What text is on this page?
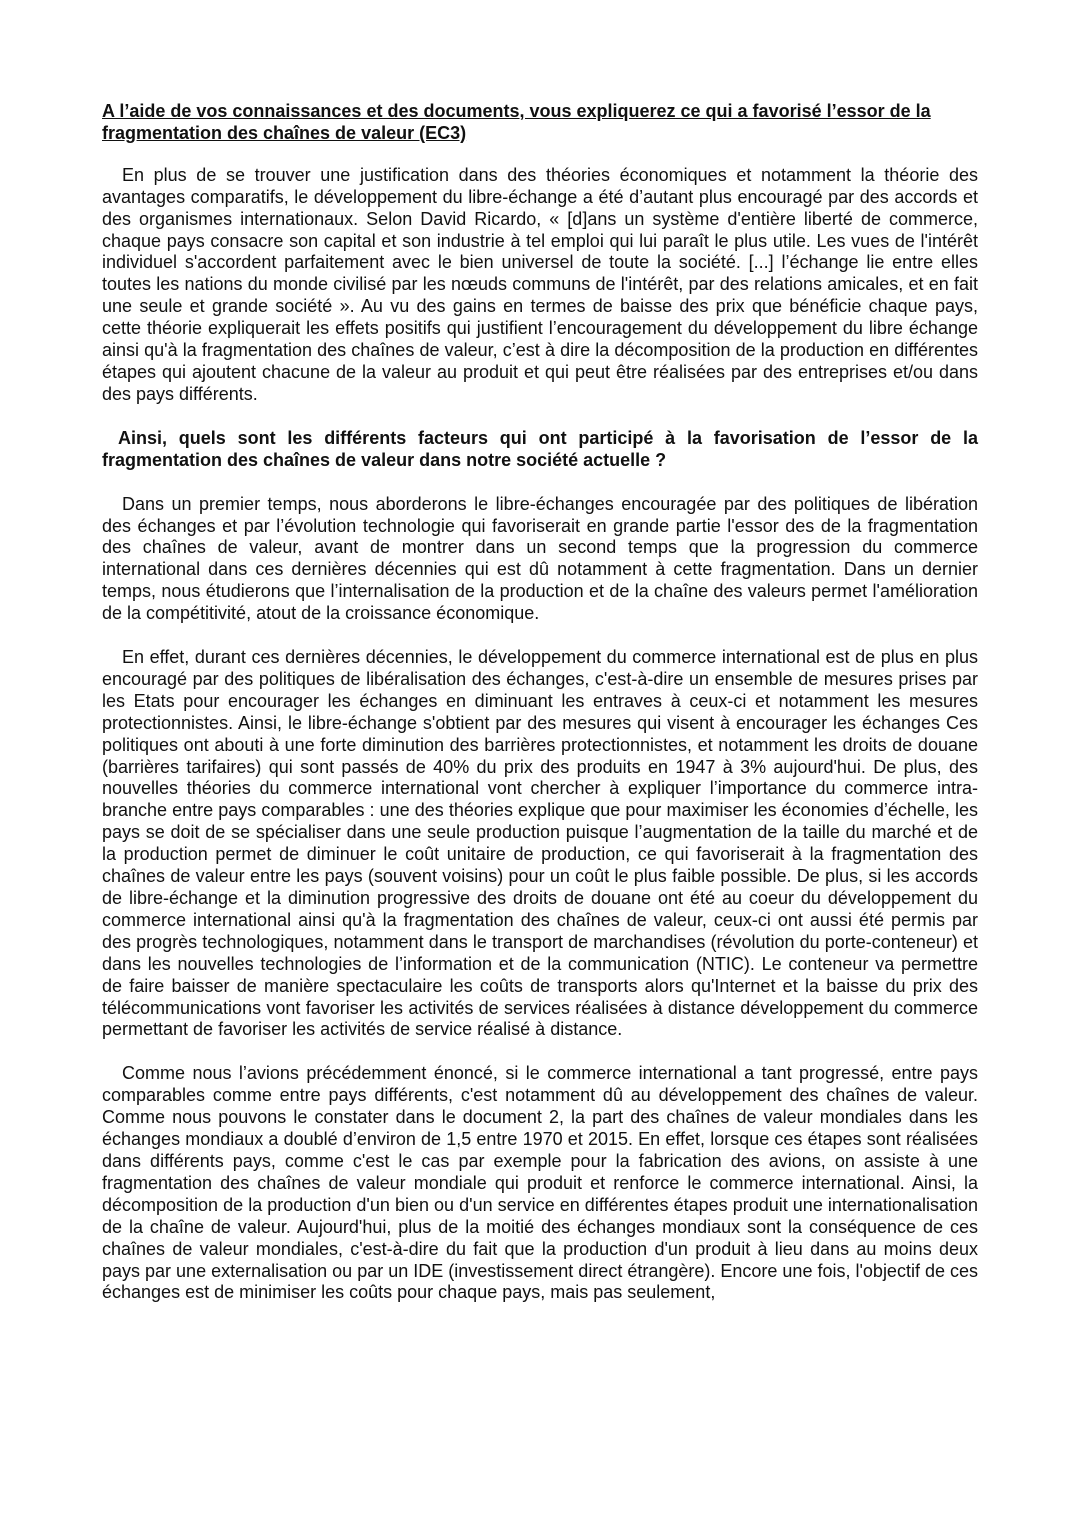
A l’aide de vos connaissances et des documents, vous expliquerez ce qui a favorisé l’essor de la fragmentation des chaînes de valeur (EC3)

En plus de se trouver une justification dans des théories économiques et notamment la théorie des avantages comparatifs, le développement du libre-échange a été d’autant plus encouragé par des accords et des organismes internationaux. Selon David Ricardo, « [d]ans un système d'entière liberté de commerce, chaque pays consacre son capital et son industrie à tel emploi qui lui paraît le plus utile. Les vues de l'intérêt individuel s'accordent parfaitement avec le bien universel de toute la société. [...] l’échange lie entre elles toutes les nations du monde civilisé par les nœuds communs de l'intérêt, par des relations amicales, et en fait une seule et grande société ». Au vu des gains en termes de baisse des prix que bénéficie chaque pays, cette théorie expliquerait les effets positifs qui justifient l’encouragement du développement du libre échange ainsi qu'à la fragmentation des chaînes de valeur, c’est à dire la décomposition de la production en différentes étapes qui ajoutent chacune de la valeur au produit et qui peut être réalisées par des entreprises et/ou dans des pays différents.

Ainsi, quels sont les différents facteurs qui ont participé à la favorisation de l’essor de la fragmentation des chaînes de valeur dans notre société actuelle ?

Dans un premier temps, nous aborderons le libre-échanges encouragée par des politiques de libération des échanges et par l’évolution technologie qui favoriserait en grande partie l'essor des de la fragmentation des chaînes de valeur, avant de montrer dans un second temps que la progression du commerce international dans ces dernières décennies qui est dû notamment à cette fragmentation. Dans un dernier temps, nous étudierons que l’internalisation de la production et de la chaîne des valeurs permet l'amélioration de la compétitivité, atout de la croissance économique.

En effet, durant ces dernières décennies, le développement du commerce international est de plus en plus encouragé par des politiques de libéralisation des échanges, c'est-à-dire un ensemble de mesures prises par les Etats pour encourager les échanges en diminuant les entraves à ceux-ci et notamment les mesures protectionnistes. Ainsi, le libre-échange s'obtient par des mesures qui visent à encourager les échanges Ces politiques ont abouti à une forte diminution des barrières protectionnistes, et notamment les droits de douane (barrières tarifaires) qui sont passés de 40% du prix des produits en 1947 à 3% aujourd'hui. De plus, des nouvelles théories du commerce international vont chercher à expliquer l’importance du commerce intra-branche entre pays comparables : une des théories explique que pour maximiser les économies d’échelle, les pays se doit de se spécialiser dans une seule production puisque l’augmentation de la taille du marché et de la production permet de diminuer le coût unitaire de production, ce qui favoriserait à la fragmentation des chaînes de valeur entre les pays (souvent voisins) pour un coût le plus faible possible. De plus, si les accords de libre-échange et la diminution progressive des droits de douane ont été au coeur du développement du commerce international ainsi qu'à la fragmentation des chaînes de valeur, ceux-ci ont aussi été permis par des progrès technologiques, notamment dans le transport de marchandises (révolution du porte-conteneur) et dans les nouvelles technologies de l’information et de la communication (NTIC). Le conteneur va permettre de faire baisser de manière spectaculaire les coûts de transports alors qu'Internet et la baisse du prix des télécommunications vont favoriser les activités de services réalisées à distance développement du commerce permettant de favoriser les activités de service réalisé à distance.

Comme nous l’avions précédemment énoncé, si le commerce international a tant progressé, entre pays comparables comme entre pays différents, c'est notamment dû au développement des chaînes de valeur. Comme nous pouvons le constater dans le document 2, la part des chaînes de valeur mondiales dans les échanges mondiaux a doublé d’environ de 1,5 entre 1970 et 2015. En effet, lorsque ces étapes sont réalisées dans différents pays, comme c'est le cas par exemple pour la fabrication des avions, on assiste à une fragmentation des chaînes de valeur mondiale qui produit et renforce le commerce international. Ainsi, la décomposition de la production d'un bien ou d'un service en différentes étapes produit une internationalisation de la chaîne de valeur. Aujourd'hui, plus de la moitié des échanges mondiaux sont la conséquence de ces chaînes de valeur mondiales, c'est-à-dire du fait que la production d'un produit à lieu dans au moins deux pays par une externalisation ou par un IDE (investissement direct étrangère). Encore une fois, l'objectif de ces échanges est de minimiser les coûts pour chaque pays, mais pas seulement,
